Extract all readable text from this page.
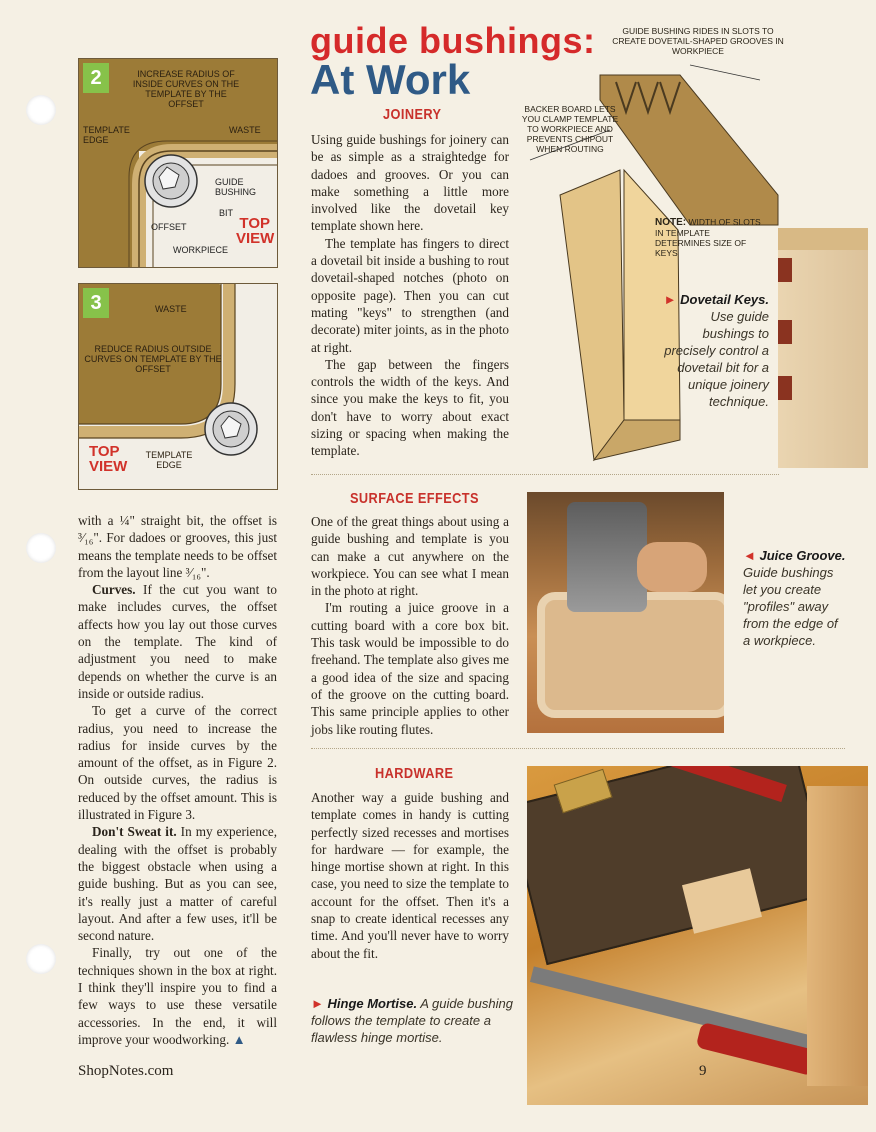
2	INCREASE RADIUS OF INSIDE CURVES ON THE TEMPLATE BY THE OFFSET
TEMPLATE EDGE
WASTE
GUIDE BUSHING
BIT
OFFSET
WORKPIECE
TOP
VIEW
3	WASTE
REDUCE RADIUS OUTSIDE CURVES ON TEMPLATE BY THE OFFSET
TEMPLATE EDGE
TOP
VIEW

with a ¼" straight bit, the offset is ³⁄₁₆". For dadoes or grooves, this just means the template needs to be offset from the layout line ³⁄₁₆".

Curves. If the cut you want to make includes curves, the offset affects how you lay out those curves on the template. The kind of adjustment you need to make depends on whether the curve is an inside or outside radius.

To get a curve of the correct radius, you need to increase the radius for inside curves by the amount of the offset, as in Figure 2. On outside curves, the radius is reduced by the offset amount. This is illustrated in Figure 3.

Don't Sweat it. In my experience, dealing with the offset is probably the biggest obstacle when using a guide bushing. But as you can see, it's really just a matter of careful layout. And after a few uses, it'll be second nature.

Finally, try out one of the techniques shown in the box at right. I think they'll inspire you to find a few ways to use these versatile accessories. In the end, it will improve your woodworking. ▲

guide bushings:
At Work
JOINERY

Using guide bushings for joinery can be as simple as a straightedge for dadoes and grooves. Or you can make something a little more involved like the dovetail key template shown here.

The template has fingers to direct a dovetail bit inside a bushing to rout dovetail-shaped notches (photo on opposite page). Then you can cut mating "keys" to strengthen (and decorate) miter joints, as in the photo at right.

The gap between the fingers controls the width of the keys. And since you make the keys to fit, you don't have to worry about exact sizing or spacing when making the template.

GUIDE BUSHING RIDES IN SLOTS TO CREATE DOVETAIL-SHAPED GROOVES IN WORKPIECE
BACKER BOARD LETS YOU CLAMP TEMPLATE TO WORKPIECE AND PREVENTS CHIPOUT WHEN ROUTING
NOTE: WIDTH OF SLOTS IN TEMPLATE DETERMINES SIZE OF KEYS
► Dovetail Keys. Use guide bushings to precisely control a dovetail bit for a unique joinery technique.
SURFACE EFFECTS

One of the great things about using a guide bushing and template is you can make a cut anywhere on the workpiece. You can see what I mean in the photo at right.

I'm routing a juice groove in a cutting board with a core box bit. This task would be impossible to do freehand. The template also gives me a good idea of the size and spacing of the groove on the cutting board. This same principle applies to other jobs like routing flutes.

◄ Juice Groove.
Guide bushings let you create "profiles" away from the edge of a workpiece.
HARDWARE

Another way a guide bushing and template comes in handy is cutting perfectly sized recesses and mortises for hardware — for example, the hinge mortise shown at right. In this case, you need to size the template to account for the offset. Then it's a snap to create identical recesses any time. And you'll never have to worry about the fit.

► Hinge Mortise. A guide bushing follows the template to create a flawless hinge mortise.
ShopNotes.com	9
